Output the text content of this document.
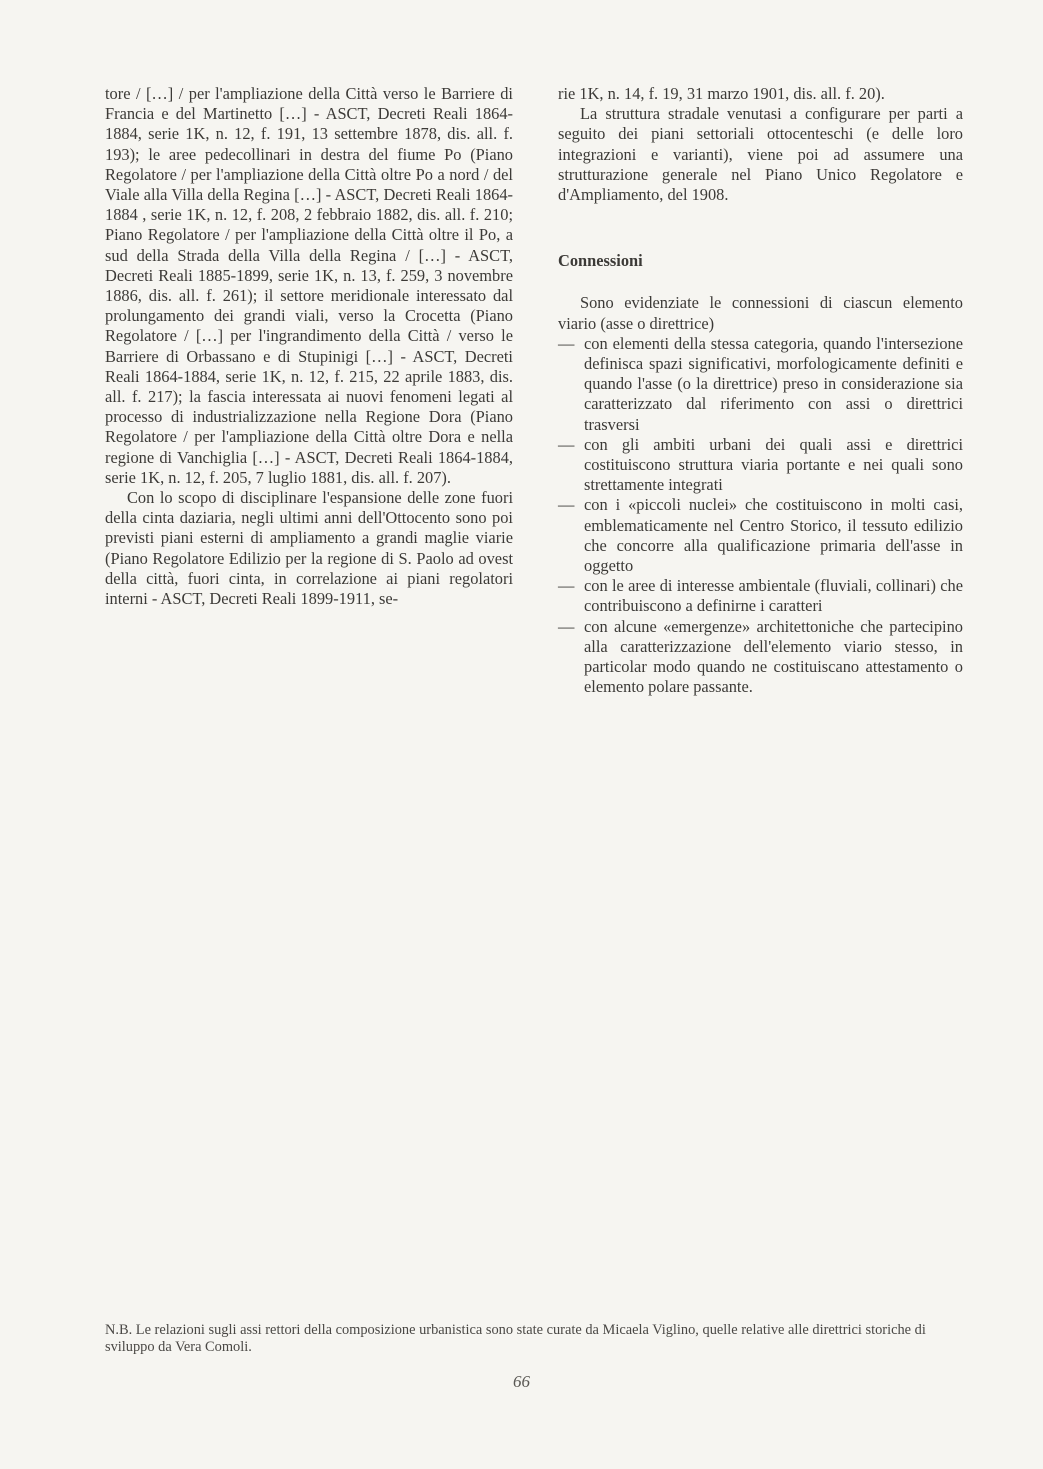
tore / […] / per l'ampliazione della Città verso le Barriere di Francia e del Martinetto […] - ASCT, Decreti Reali 1864-1884, serie 1K, n. 12, f. 191, 13 settembre 1878, dis. all. f. 193); le aree pedecollinari in destra del fiume Po (Piano Regolatore / per l'ampliazione della Città oltre Po a nord / del Viale alla Villa della Regina […] - ASCT, Decreti Reali 1864-1884 , serie 1K, n. 12, f. 208, 2 febbraio 1882, dis. all. f. 210; Piano Regolatore / per l'ampliazione della Città oltre il Po, a sud della Strada della Villa della Regina / […] - ASCT, Decreti Reali 1885-1899, serie 1K, n. 13, f. 259, 3 novembre 1886, dis. all. f. 261); il settore meridionale interessato dal prolungamento dei grandi viali, verso la Crocetta (Piano Regolatore / […] per l'ingrandimento della Città / verso le Barriere di Orbassano e di Stupinigi […] - ASCT, Decreti Reali 1864-1884, serie 1K, n. 12, f. 215, 22 aprile 1883, dis. all. f. 217); la fascia interessata ai nuovi fenomeni legati al processo di industrializzazione nella Regione Dora (Piano Regolatore / per l'ampliazione della Città oltre Dora e nella regione di Vanchiglia […] - ASCT, Decreti Reali 1864-1884, serie 1K, n. 12, f. 205, 7 luglio 1881, dis. all. f. 207).

Con lo scopo di disciplinare l'espansione delle zone fuori della cinta daziaria, negli ultimi anni dell'Ottocento sono poi previsti piani esterni di ampliamento a grandi maglie viarie (Piano Regolatore Edilizio per la regione di S. Paolo ad ovest della città, fuori cinta, in correlazione ai piani regolatori interni - ASCT, Decreti Reali 1899-1911, se-

rie 1K, n. 14, f. 19, 31 marzo 1901, dis. all. f. 20).

La struttura stradale venutasi a configurare per parti a seguito dei piani settoriali ottocenteschi (e delle loro integrazioni e varianti), viene poi ad assumere una strutturazione generale nel Piano Unico Regolatore e d'Ampliamento, del 1908.

Connessioni

Sono evidenziate le connessioni di ciascun elemento viario (asse o direttrice)

— con elementi della stessa categoria, quando l'intersezione definisca spazi significativi, morfologicamente definiti e quando l'asse (o la direttrice) preso in considerazione sia caratterizzato dal riferimento con assi o direttrici trasversi
— con gli ambiti urbani dei quali assi e direttrici costituiscono struttura viaria portante e nei quali sono strettamente integrati
— con i «piccoli nuclei» che costituiscono in molti casi, emblematicamente nel Centro Storico, il tessuto edilizio che concorre alla qualificazione primaria dell'asse in oggetto
— con le aree di interesse ambientale (fluviali, collinari) che contribuiscono a definirne i caratteri
— con alcune «emergenze» architettoniche che partecipino alla caratterizzazione dell'elemento viario stesso, in particolar modo quando ne costituiscano attestamento o elemento polare passante.

N.B. Le relazioni sugli assi rettori della composizione urbanistica sono state curate da Micaela Viglino, quelle relative alle direttrici storiche di sviluppo da Vera Comoli.

66
